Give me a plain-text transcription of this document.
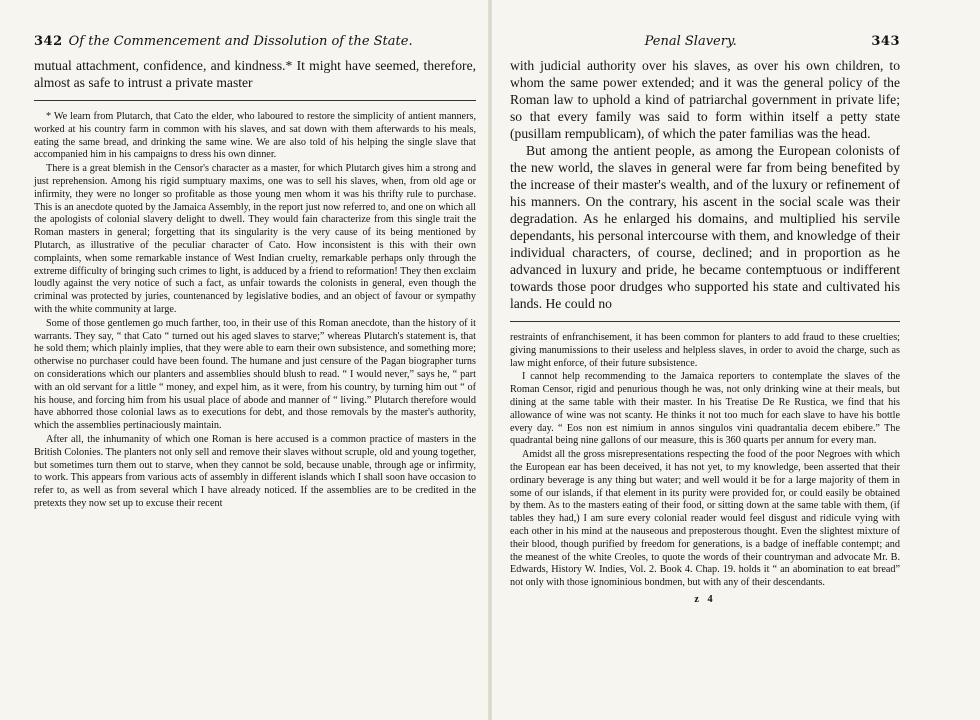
342 Of the Commencement and Dissolution of the State.

mutual attachment, confidence, and kindness.* It might have seemed, therefore, almost as safe to intrust a private master

* We learn from Plutarch, that Cato the elder, who laboured to restore the simplicity of antient manners, worked at his country farm in common with his slaves, and sat down with them afterwards to his meals, eating the same bread, and drinking the same wine. We are also told of his helping the single slave that accompanied him in his campaigns to dress his own dinner.

There is a great blemish in the Censor's character as a master, for which Plutarch gives him a strong and just reprehension. Among his rigid sumptuary maxims, one was to sell his slaves, when, from old age or infirmity, they were no longer so profitable as those young men whom it was his thrifty rule to purchase. This is an anecdote quoted by the Jamaica Assembly, in the report just now referred to, and one on which all the apologists of colonial slavery delight to dwell. They would fain characterize from this single trait the Roman masters in general; forgetting that its singularity is the very cause of its being mentioned by Plutarch, as illustrative of the peculiar character of Cato. How inconsistent is this with their own complaints, when some remarkable instance of West Indian cruelty, remarkable perhaps only through the extreme difficulty of bringing such crimes to light, is adduced by a friend to reformation! They then exclaim loudly against the very notice of such a fact, as unfair towards the colonists in general, even though the criminal was protected by juries, countenanced by legislative bodies, and an object of favour or sympathy with the white community at large.

Some of those gentlemen go much farther, too, in their use of this Roman anecdote, than the history of it warrants. They say, “ that Cato “ turned out his aged slaves to starve;” whereas Plutarch's statement is, that he sold them; which plainly implies, that they were able to earn their own subsistence, and something more; otherwise no purchaser could have been found. The humane and just censure of the Pagan biographer turns on considerations which our planters and assemblies should blush to read. “ I would never,” says he, “ part with an old servant for a little “ money, and expel him, as it were, from his country, by turning him out “ of his house, and forcing him from his usual place of abode and manner of “ living.” Plutarch therefore would have abhorred those colonial laws as to executions for debt, and those removals by the master's authority, which the assemblies pertinaciously maintain.

After all, the inhumanity of which one Roman is here accused is a common practice of masters in the British Colonies. The planters not only sell and remove their slaves without scruple, old and young together, but sometimes turn them out to starve, when they cannot be sold, because unable, through age or infirmity, to work. This appears from various acts of assembly in different islands which I shall soon have occasion to refer to, as well as from several which I have already noticed. If the assemblies are to be credited in the pretexts they now set up to excuse their recent

Penal Slavery.	343

with judicial authority over his slaves, as over his own children, to whom the same power extended; and it was the general policy of the Roman law to uphold a kind of patriarchal government in private life; so that every family was said to form within itself a petty state (pusillam rempublicam), of which the pater familias was the head.

But among the antient people, as among the European colonists of the new world, the slaves in general were far from being benefited by the increase of their master's wealth, and of the luxury or refinement of his manners. On the contrary, his ascent in the social scale was their degradation. As he enlarged his domains, and multiplied his servile dependants, his personal intercourse with them, and knowledge of their individual characters, of course, declined; and in proportion as he advanced in luxury and pride, he became contemptuous or indifferent towards those poor drudges who supported his state and cultivated his lands. He could no

restraints of enfranchisement, it has been common for planters to add fraud to these cruelties; giving manumissions to their useless and helpless slaves, in order to avoid the charge, such as law might enforce, of their future subsistence.

I cannot help recommending to the Jamaica reporters to contemplate the slaves of the Roman Censor, rigid and penurious though he was, not only drinking wine at their meals, but dining at the same table with their master. In his Treatise De Re Rustica, we find that his allowance of wine was not scanty. He thinks it not too much for each slave to have his bottle every day. “ Eos non est nimium in annos singulos vini quadrantalia decem ebibere.” The quadrantal being nine gallons of our measure, this is 360 quarts per annum for every man.

Amidst all the gross misrepresentations respecting the food of the poor Negroes with which the European ear has been deceived, it has not yet, to my knowledge, been asserted that their ordinary beverage is any thing but water; and well would it be for a large majority of them in some of our islands, if that element in its purity were provided for, or could easily be obtained by them. As to the masters eating of their food, or sitting down at the same table with them, (if tables they had,) I am sure every colonial reader would feel disgust and ridicule vying with each other in his mind at the nauseous and preposterous thought. Even the slightest mixture of their blood, though purified by freedom for generations, is a badge of ineffable contempt; and the meanest of the white Creoles, to quote the words of their countryman and advocate Mr. B. Edwards, History W. Indies, Vol. 2. Book 4. Chap. 19. holds it “ an abomination to eat bread” not only with those ignominious bondmen, but with any of their descendants.

z 4
